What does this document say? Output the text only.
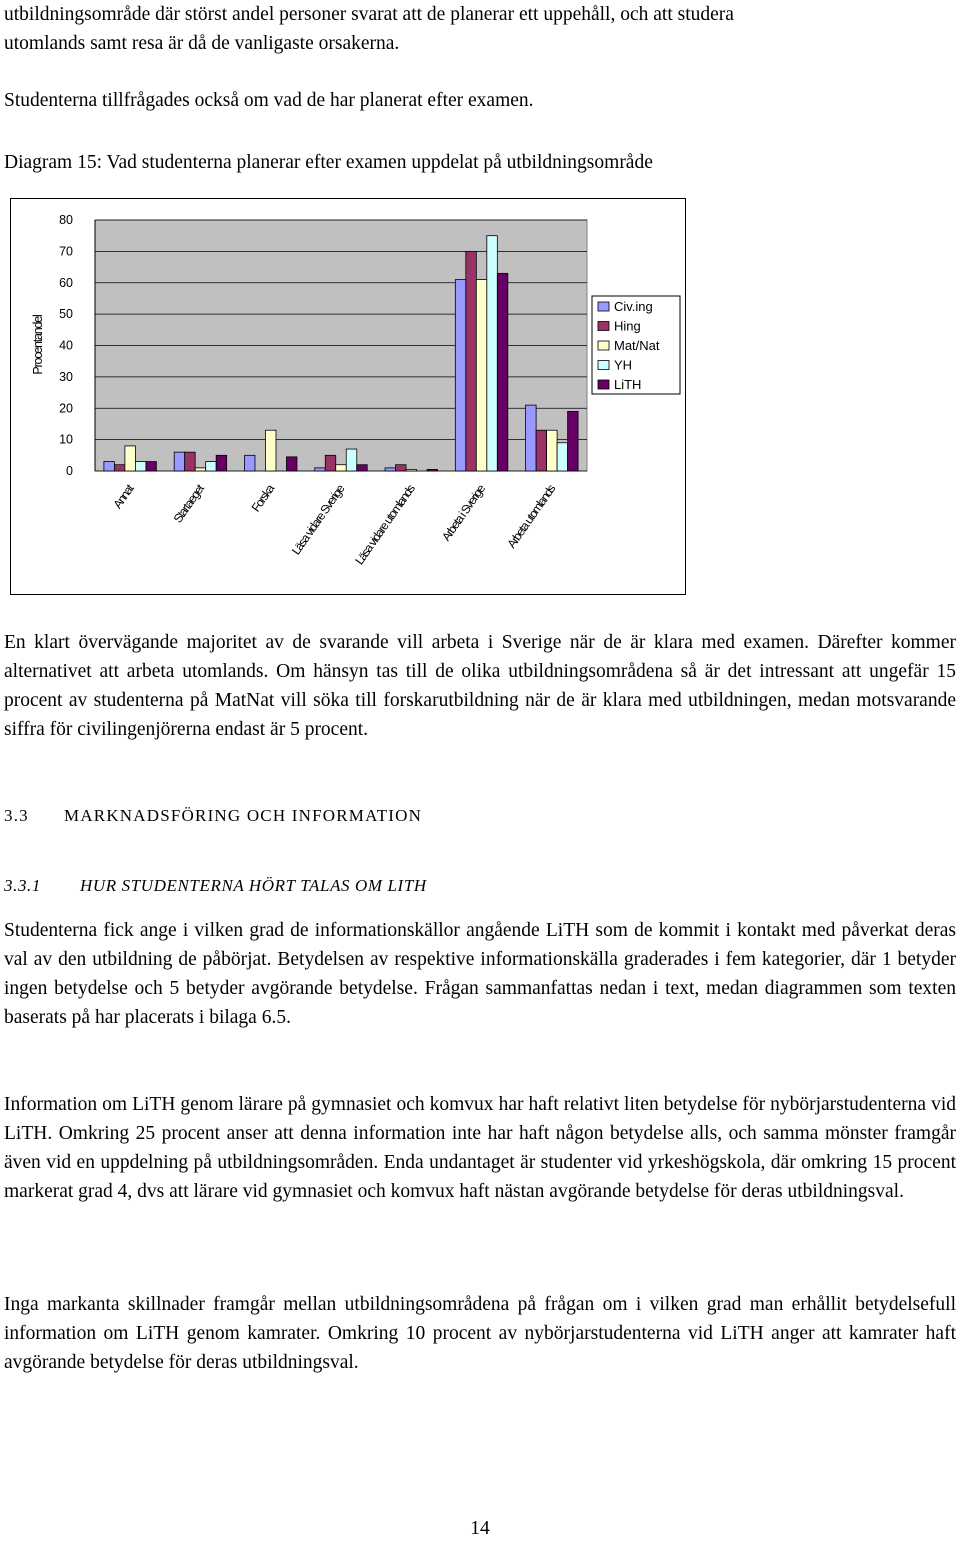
utbildningsområde där störst andel personer svarat att de planerar ett uppehåll, och att studera

utomlands samt resa är då de vanligaste orsakerna.

Studenterna tillfrågades också om vad de har planerat efter examen.

Diagram 15: Vad studenterna planerar efter examen uppdelat på utbildningsområde

0
10
20
30
40
50
60
70
80
Procentandel
Annat	Startaeget	Forska Läsa vidare Sverige Läsa vidare utomlands Arbeta i Sverige Arbeta utomlands
Civ.ing
Hing
Mat/Nat
YH
LiTH

En klart övervägande majoritet av de svarande vill arbeta i Sverige när de är klara med examen. Därefter kommer alternativet att arbeta utomlands. Om hänsyn tas till de olika utbildningsområdena så är det intressant att ungefär 15 procent av studenterna på MatNat vill söka till forskarutbildning när de är klara med utbildningen, medan motsvarande siffra för civilingenjörerna endast är 5 procent.

3.3 MARKNADSFÖRING OCH INFORMATION

3.3.1 HUR STUDENTERNA HÖRT TALAS OM LITH

Studenterna fick ange i vilken grad de informationskällor angående LiTH som de kommit i kontakt med påverkat deras val av den utbildning de påbörjat. Betydelsen av respektive informationskälla graderades i fem kategorier, där 1 betyder ingen betydelse och 5 betyder avgörande betydelse. Frågan sammanfattas nedan i text, medan diagrammen som texten baserats på har placerats i bilaga 6.5.

Information om LiTH genom lärare på gymnasiet och komvux har haft relativt liten betydelse för nybörjarstudenterna vid LiTH. Omkring 25 procent anser att denna information inte har haft någon betydelse alls, och samma mönster framgår även vid en uppdelning på utbildningsområden. Enda undantaget är studenter vid yrkeshögskola, där omkring 15 procent markerat grad 4, dvs att lärare vid gymnasiet och komvux haft nästan avgörande betydelse för deras utbildningsval.

Inga markanta skillnader framgår mellan utbildningsområdena på frågan om i vilken grad man erhållit betydelsefull information om LiTH genom kamrater. Omkring 10 procent av nybörjarstudenterna vid LiTH anger att kamrater haft avgörande betydelse för deras utbildningsval.

14
